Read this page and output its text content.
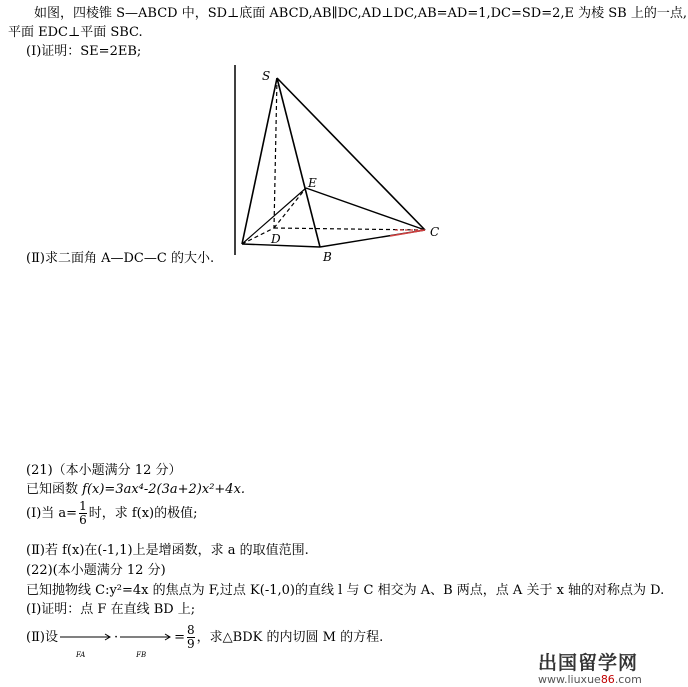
如图，四棱锥 S—ABCD 中，SD⊥底面 ABCD,AB∥DC,AD⊥DC,AB=AD=1,DC=SD=2,E 为棱 SB 上的一点,
平面 EDC⊥平面 SBC.
(Ⅰ)证明：SE=2EB;
(Ⅱ)求二面角 A—DC—C 的大小.
S
E
D
B
C
(21)（本小题满分 12 分）
已知函数 f(x)=3ax⁴-2(3a+2)x²+4x.
(Ⅰ)当 $a= \frac{1}{6}$ 时，求 f(x)的极值;
(Ⅱ)若 f(x)在(-1,1)上是增函数，求 a 的取值范围.
(22)(本小题满分 12 分)
已知抛物线 C:y²=4x 的焦点为 F,过点 K(-1,0)的直线 l 与 C 相交为 A、B 两点，点 A 关于 x 轴的对称点为 D.
(Ⅰ)证明：点 F 在直线 BD 上;
(Ⅱ)设
FA
·
FB
= $\frac{8}{9}$ ，求△BDK 的内切圆 M 的方程.
出国留学网
www.liuxue86.com
